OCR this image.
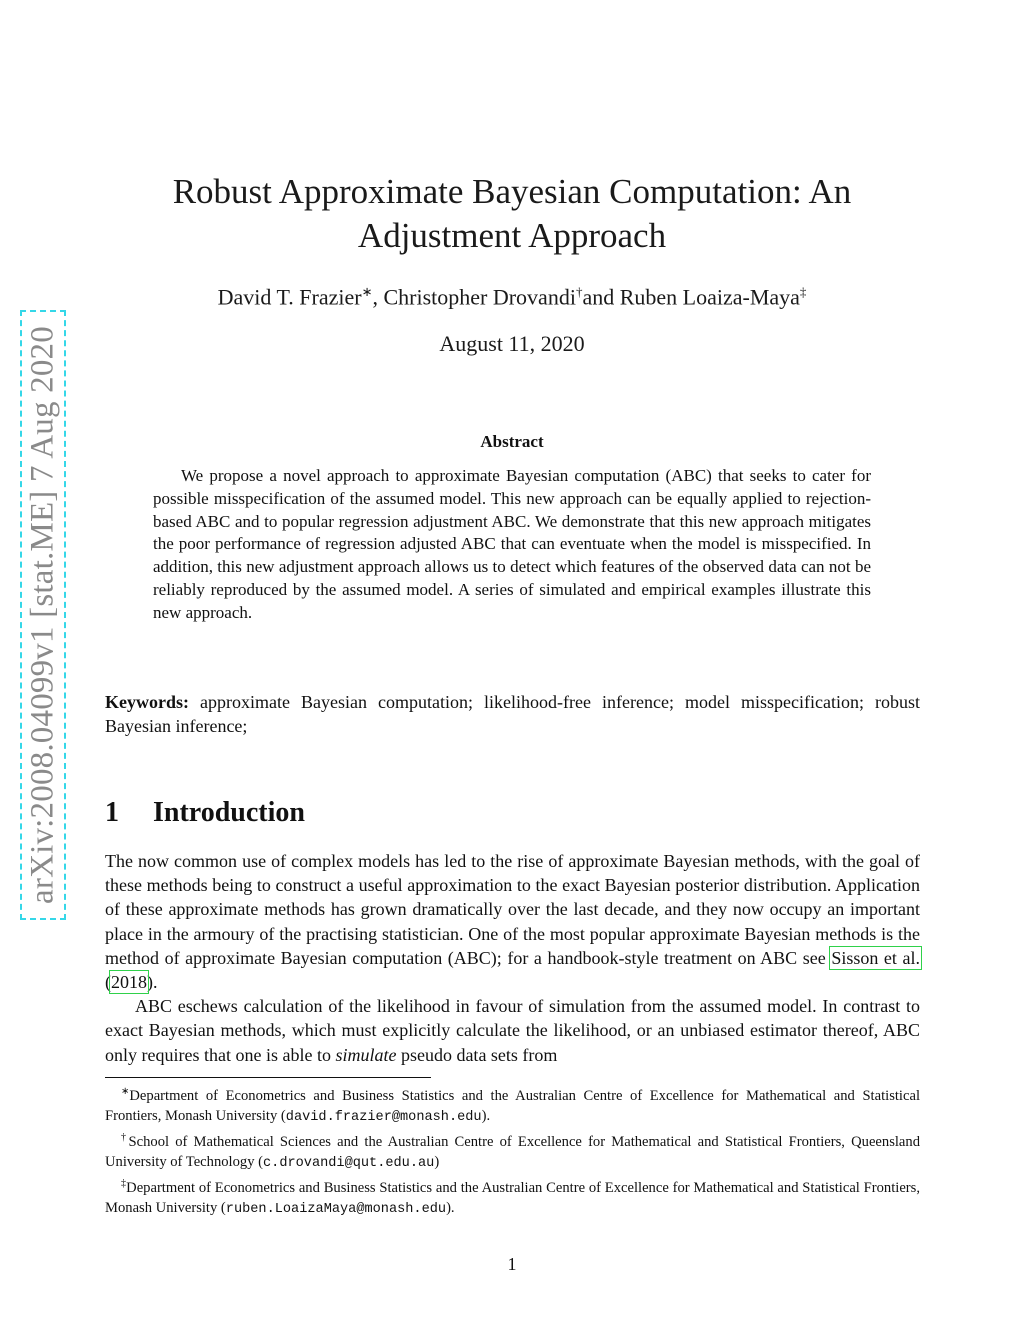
arXiv:2008.04099v1 [stat.ME] 7 Aug 2020
Robust Approximate Bayesian Computation: An Adjustment Approach
David T. Frazier∗, Christopher Drovandi†and Ruben Loaiza-Maya‡
August 11, 2020
Abstract

We propose a novel approach to approximate Bayesian computation (ABC) that seeks to cater for possible misspecification of the assumed model. This new approach can be equally applied to rejection-based ABC and to popular regression adjustment ABC. We demonstrate that this new approach mitigates the poor performance of regression adjusted ABC that can eventuate when the model is misspecified. In addition, this new adjustment approach allows us to detect which features of the observed data can not be reliably reproduced by the assumed model. A series of simulated and empirical examples illustrate this new approach.

Keywords: approximate Bayesian computation; likelihood-free inference; model misspecification; robust Bayesian inference;

1 Introduction

The now common use of complex models has led to the rise of approximate Bayesian methods, with the goal of these methods being to construct a useful approximation to the exact Bayesian posterior distribution. Application of these approximate methods has grown dramatically over the last decade, and they now occupy an important place in the armoury of the practising statistician. One of the most popular approximate Bayesian methods is the method of approximate Bayesian computation (ABC); for a handbook-style treatment on ABC see Sisson et al. (2018).

ABC eschews calculation of the likelihood in favour of simulation from the assumed model. In contrast to exact Bayesian methods, which must explicitly calculate the likelihood, or an unbiased estimator thereof, ABC only requires that one is able to simulate pseudo data sets from

∗Department of Econometrics and Business Statistics and the Australian Centre of Excellence for Mathematical and Statistical Frontiers, Monash University (david.frazier@monash.edu).

†School of Mathematical Sciences and the Australian Centre of Excellence for Mathematical and Statistical Frontiers, Queensland University of Technology (c.drovandi@qut.edu.au)

‡Department of Econometrics and Business Statistics and the Australian Centre of Excellence for Mathematical and Statistical Frontiers, Monash University (ruben.LoaizaMaya@monash.edu).

1
